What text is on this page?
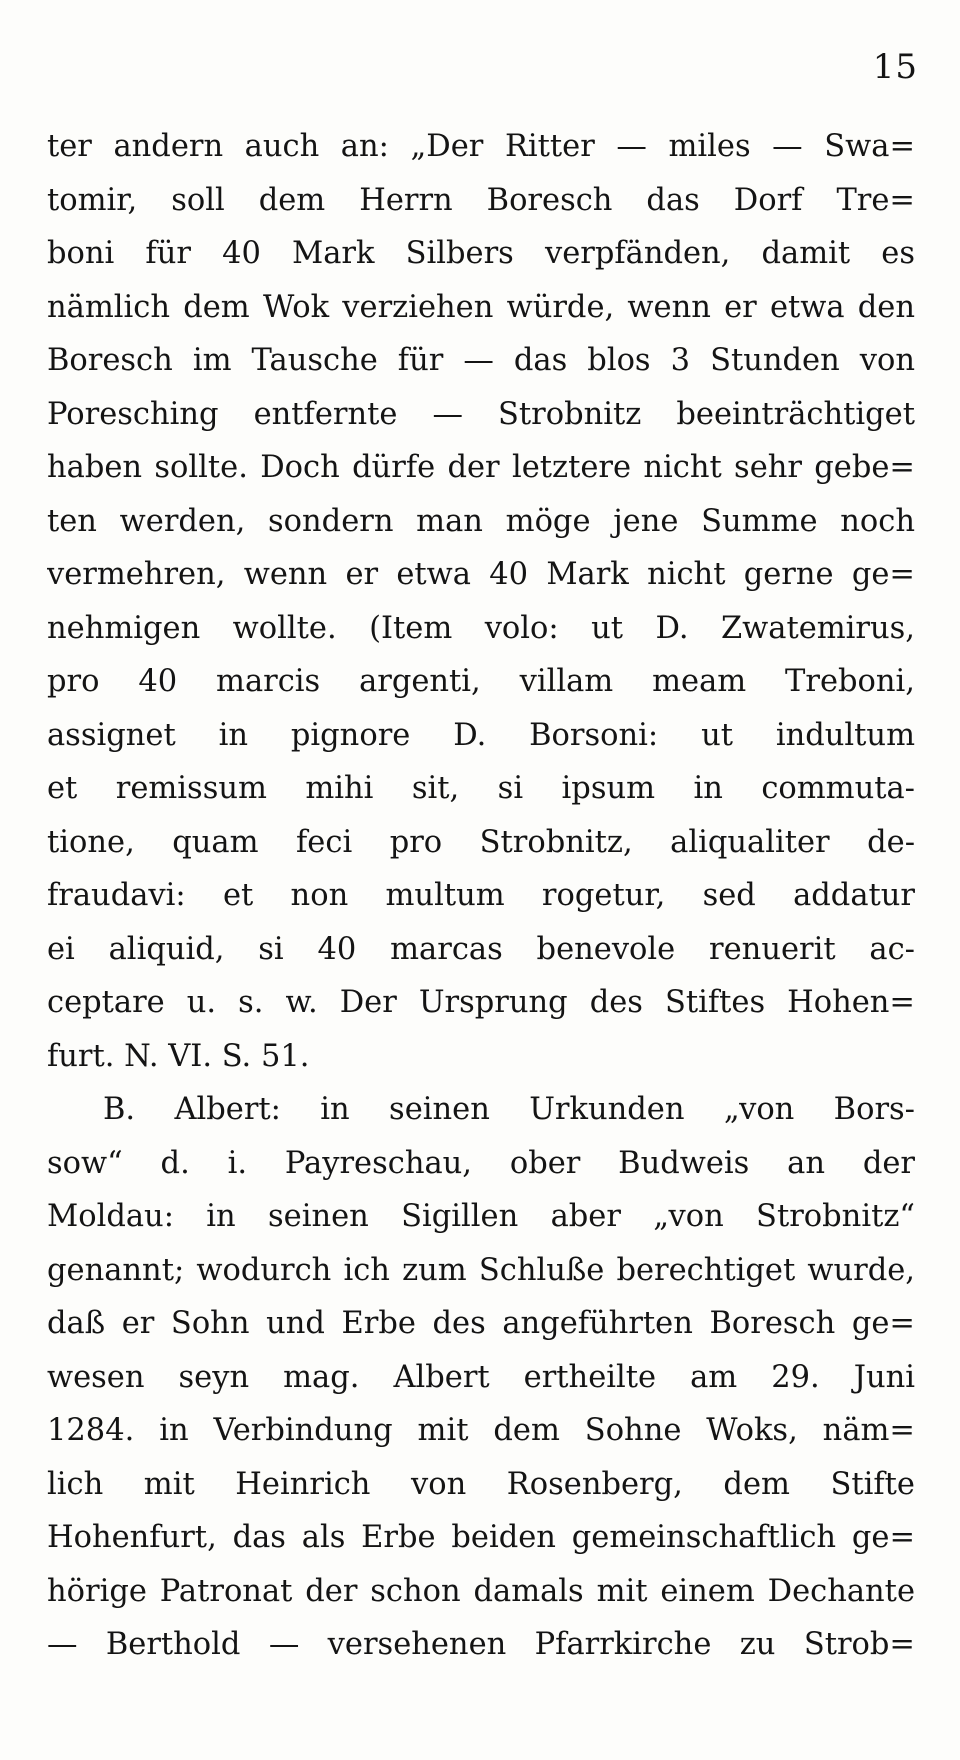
15
ter andern auch an: „Der Ritter — miles — Swa=
tomir, soll dem Herrn Boresch das Dorf Tre=
boni für 40 Mark Silbers verpfänden, damit es
nämlich dem Wok verziehen würde, wenn er etwa den
Boresch im Tausche für — das blos 3 Stunden von
Poresching entfernte — Strobnitz beeinträchtiget
haben sollte. Doch dürfe der letztere nicht sehr gebe=
ten werden, sondern man möge jene Summe noch
vermehren, wenn er etwa 40 Mark nicht gerne ge=
nehmigen wollte. (Item volo: ut D. Zwatemirus,
pro 40 marcis argenti, villam meam Treboni,
assignet in pignore D. Borsoni: ut indultum
et remissum mihi sit, si ipsum in commuta-
tione, quam feci pro Strobnitz, aliqualiter de-
fraudavi: et non multum rogetur, sed addatur
ei aliquid, si 40 marcas benevole renuerit ac-
ceptare u. s. w. Der Ursprung des Stiftes Hohen=
furt. N. VI. S. 51.
B. Albert: in seinen Urkunden „von Bors-
sow“ d. i. Payreschau, ober Budweis an der
Moldau: in seinen Sigillen aber „von Strobnitz“
genannt; wodurch ich zum Schluße berechtiget wurde,
daß er Sohn und Erbe des angeführten Boresch ge=
wesen seyn mag. Albert ertheilte am 29. Juni
1284. in Verbindung mit dem Sohne Woks, näm=
lich mit Heinrich von Rosenberg, dem Stifte
Hohenfurt, das als Erbe beiden gemeinschaftlich ge=
hörige Patronat der schon damals mit einem Dechante
— Berthold — versehenen Pfarrkirche zu Strob=
